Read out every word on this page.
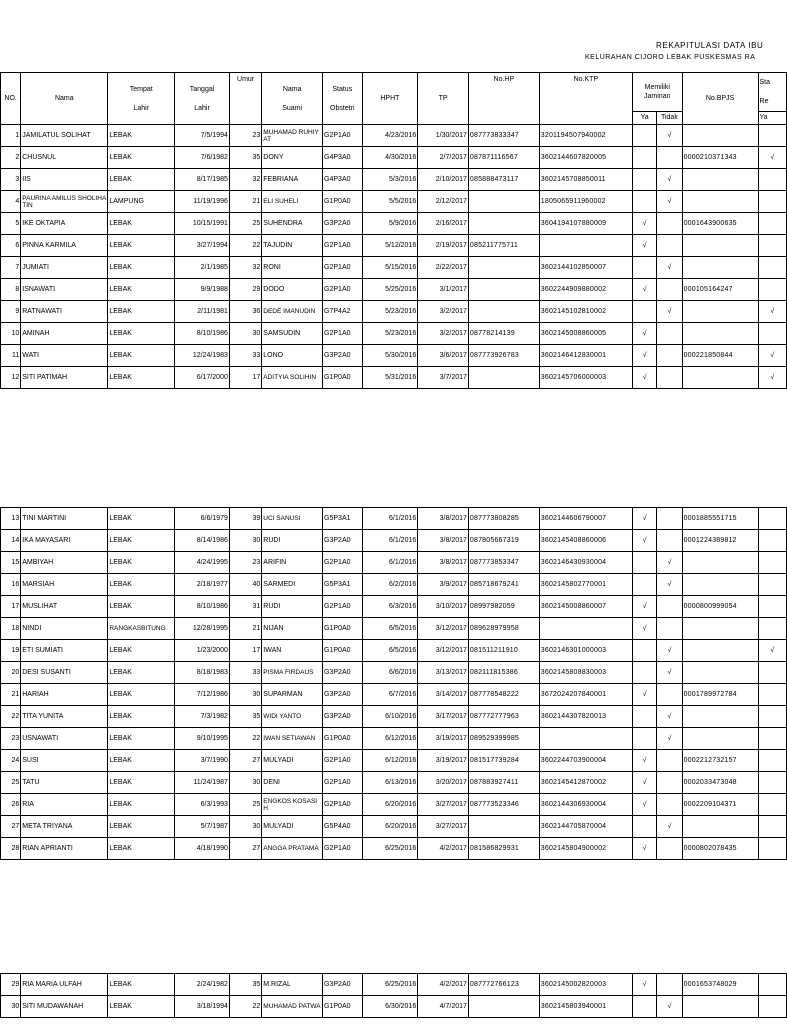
REKAPITULASI DATA IBU
KELURAHAN CIJORO LEBAK PUSKESMAS RA
NO.	Nama	Tempat
Lahir	Tanggal
Lahir	Umur	Nama
Suami	Status
Obstetri	HPHT	TP	No.HP	No.KTP	Memiliki
Jaminan		No.BPJS	Sta
Re
											Ya	Tidak		Ya
1	JAMILATUL SOLIHAT	LEBAK	7/5/1994	23	MUHAMAD RUHIYAT	G2P1A0	4/23/2016	1/30/2017	087773833347	3201194507940002		√		
2	CHUSNUL	LEBAK	7/6/1982	35	DONY	G4P3A0	4/30/2016	2/7/2017	087871116567	3602144607820005			0000210371343	√
3	IIS	LEBAK	8/17/1985	32	FEBRIANA	G4P3A0	5/3/2016	2/10/2017	085888473117	3602145708850011		√		
4	PAURINA AMILUS SHOLIHATIN	LAMPUNG	11/19/1996	21	ELI SUHELI	G1P0A0	5/5/2016	2/12/2017		1805065911960002		√		
5	IKE OKTAPIA	LEBAK	10/15/1991	25	SUHENDRA	G3P2A0	5/9/2016	2/16/2017		3604194107880009	√		0001643900635	
6	PINNA KARMILA	LEBAK	3/27/1994	22	TAJUDIN	G2P1A0	5/12/2016	2/19/2017	085211775711		√			
7	JUMIATI	LEBAK	2/1/1985	32	RONI	G2P1A0	5/15/2016	2/22/2017		3602144102850007		√		
8	ISNAWATI	LEBAK	9/9/1988	29	DODO	G2P1A0	5/25/2016	3/1/2017		3602244909880002	√		000105164247	
9	RATNAWATI	LEBAK	2/11/1981	36	DEDE IMANUDIN	G7P4A2	5/23/2016	3/2/2017		3602145102810002		√		√
10	AMINAH	LEBAK	8/10/1986	30	SAMSUDIN	G2P1A0	5/23/2016	3/2/2017	08778214139	3602145008860005	√			
11	WATI	LEBAK	12/24/1983	33	LONO	G3P2A0	5/30/2016	3/6/2017	087773926783	3602146412830001	√		0002218508​44	√
12	SITI PATIMAH	LEBAK	6/17/2000	17	ADITYIA SOLIHIN	G1P0A0	5/31/2016	3/7/2017		3602145706000003	√			√
13	TINI MARTINI	LEBAK	6/6/1979	39	UCI SANUSI	G5P3A1	6/1/2016	3/8/2017	087773808285	3602144606790007	√		0001885551715	
14	IKA MAYASARI	LEBAK	8/14/1986	30	RUDI	G3P2A0	6/1/2016	3/8/2017	087805667319	3602145408860006	√		0001224389812	
15	AMBIYAH	LEBAK	4/24/1995	23	ARIFIN	G2P1A0	6/1/2016	3/8/2017	087773853347	3602146430930004		√		
16	MARSIAH	LEBAK	2/18/1977	40	SARMEDI	G5P3A1	6/2/2016	3/9/2017	085718679241	3602145802770001		√		
17	MUSLIHAT	LEBAK	8/10/1986	31	RUDI	G2P1A0	6/3/2016	3/10/2017	08997982059	3602145008860007	√		0000800999054	
18	NINDI	RANGKASBITUNG	12/28/1995	21	NIJAN	G1P0A0	6/5/2016	3/12/2017	089628979958		√			
19	ETI SUMIATI	LEBAK	1/23/2000	17	IWAN	G1P0A0	6/5/2016	3/12/2017	081511211910	3602146301000003		√		√
20	DESI SUSANTI	LEBAK	8/18/1983	33	PISMA FIRDAUS	G3P2A0	6/6/2016	3/13/2017	082111815386	3602145808830003		√		
21	HARIAH	LEBAK	7/12/1986	30	SUPARMAN	G3P2A0	6/7/2016	3/14/2017	087778548222	3672024207840001	√		0001789972784	
22	TITA YUNITA	LEBAK	7/3/1982	35	WIDI YANTO	G3P2A0	6/10/2016	3/17/2017	087772777963	3602144307820013		√		
23	USNAWATI	LEBAK	9/10/1995	22	IWAN SETIAWAN	G1P0A0	6/12/2016	3/19/2017	089529399985			√		
24	SUSI	LEBAK	3/7/1990	27	MULYADI	G2P1A0	6/12/2016	3/19/2017	081517739284	3602244703900004	√		0002212732157	
25	TATU	LEBAK	11/24/1987	30	DENI	G2P1A0	6/13/2016	3/20/2017	087883927411	3602145412870002	√		0002033473048	
26	RIA	LEBAK	6/3/1993	25	ENGKOS KOSASIH	G2P1A0	6/20/2016	3/27/2017	087773523346	3602144306930004	√		0002209104371	
27	META TRIYANA	LEBAK	5/7/1987	30	MULYADI	G5P4A0	6/20/2016	3/27/2017		3602144705870004		√		
28	RIAN APRIANTI	LEBAK	4/18/1990	27	ANGGA PRATAMA	G2P1A0	6/25/2016	4/2/2017	081586829931	3602145804900002	√		0000802078435	
29	RIA MARIA ULFAH	LEBAK	2/24/1982	35	M.RIZAL	G3P2A0	6/25/2016	4/2/2017	087772766123	3602145002820003	√		0001653748029	
30	SITI MUDAWANAH	LEBAK	3/18/1994	22	MUHAMAD PATWA	G1P0A0	6/30/2016	4/7/2017		3602145803940001		√		
